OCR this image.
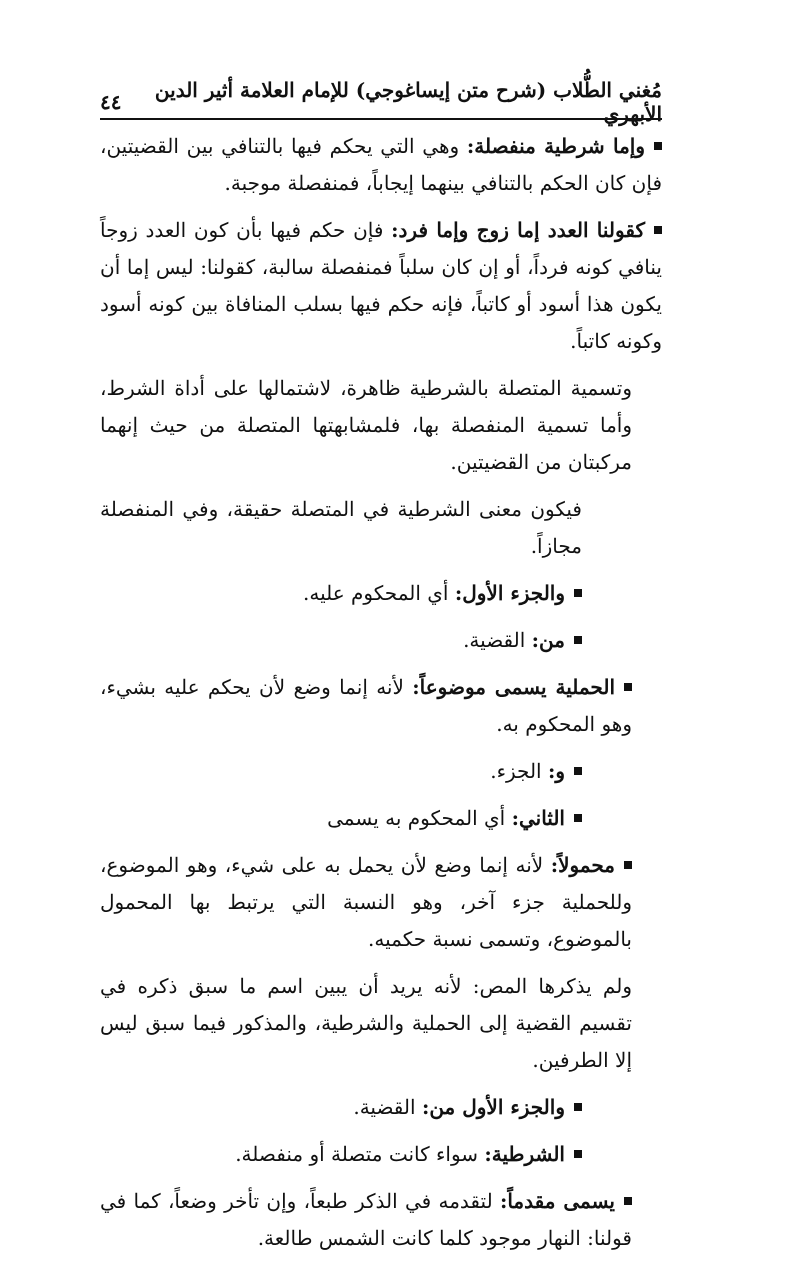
مُغني الطُّلاب (شرح متن إيساغوجي) للإمام العلامة أثير الدين الأبهري
٤٤

وإما شرطية منفصلة: وهي التي يحكم فيها بالتنافي بين القضيتين، فإن كان الحكم بالتنافي بينهما إيجاباً، فمنفصلة موجبة.

كقولنا العدد إما زوج وإما فرد: فإن حكم فيها بأن كون العدد زوجاً ينافي كونه فرداً، أو إن كان سلباً فمنفصلة سالبة، كقولنا: ليس إما أن يكون هذا أسود أو كاتباً، فإنه حكم فيها بسلب المنافاة بين كونه أسود وكونه كاتباً.

وتسمية المتصلة بالشرطية ظاهرة، لاشتمالها على أداة الشرط، وأما تسمية المنفصلة بها، فلمشابهتها المتصلة من حيث إنهما مركبتان من القضيتين.

فيكون معنى الشرطية في المتصلة حقيقة، وفي المنفصلة مجازاً.

والجزء الأول: أي المحكوم عليه.

من: القضية.

الحملية يسمى موضوعاً: لأنه إنما وضع لأن يحكم عليه بشيء، وهو المحكوم به.

و: الجزء.

الثاني: أي المحكوم به يسمى

محمولاً: لأنه إنما وضع لأن يحمل به على شيء، وهو الموضوع، وللحملية جزء آخر، وهو النسبة التي يرتبط بها المحمول بالموضوع، وتسمى نسبة حكميه.

ولم يذكرها المص: لأنه يريد أن يبين اسم ما سبق ذكره في تقسيم القضية إلى الحملية والشرطية، والمذكور فيما سبق ليس إلا الطرفين.

والجزء الأول من: القضية.

الشرطية: سواء كانت متصلة أو منفصلة.

يسمى مقدماً: لتقدمه في الذكر طبعاً، وإن تأخر وضعاً، كما في قولنا: النهار موجود كلما كانت الشمس طالعة.
